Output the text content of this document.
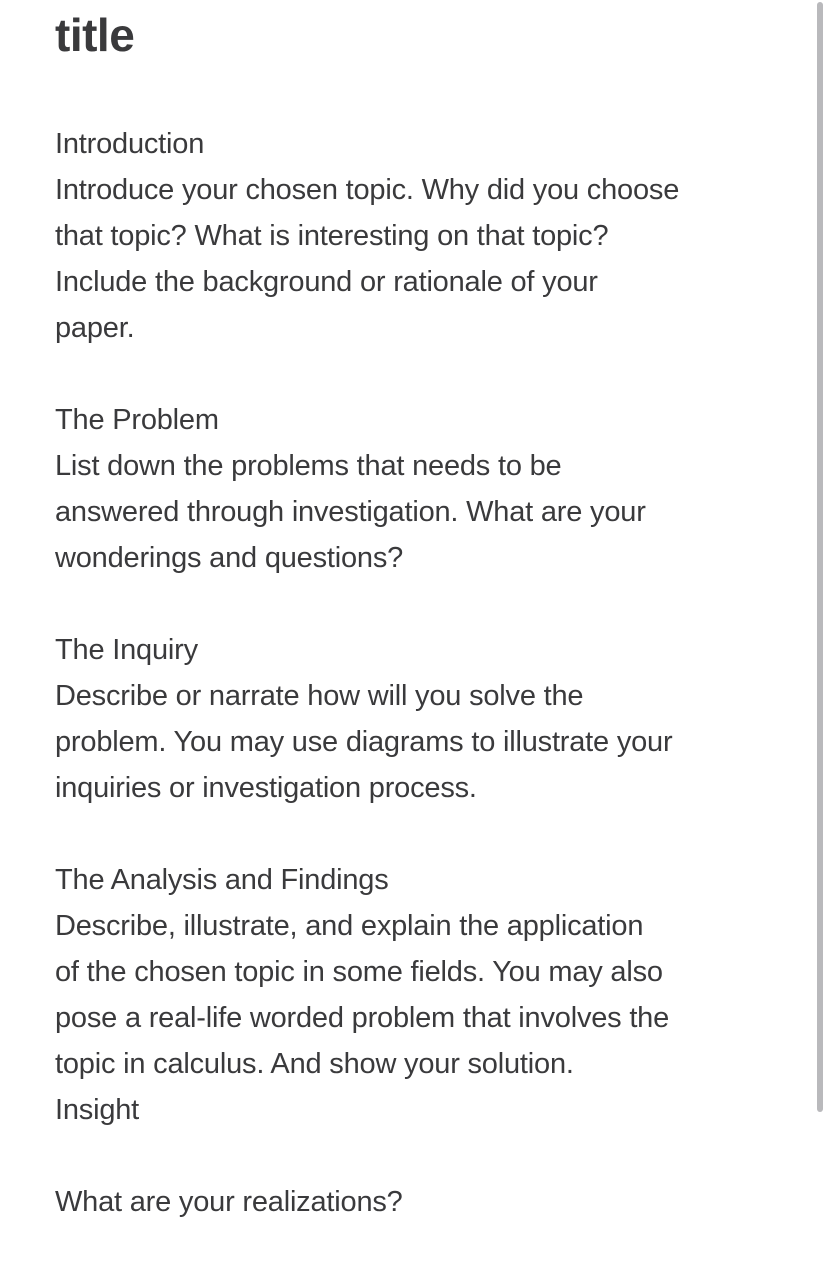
title
Introduction
Introduce your chosen topic. Why did you choose
that topic? What is interesting on that topic?
Include the background or rationale of your
paper.
The Problem
List down the problems that needs to be
answered through investigation. What are your
wonderings and questions?
The Inquiry
Describe or narrate how will you solve the
problem. You may use diagrams to illustrate your
inquiries or investigation process.
The Analysis and Findings
Describe, illustrate, and explain the application
of the chosen topic in some fields. You may also
pose a real-life worded problem that involves the
topic in calculus. And show your solution.
Insight
What are your realizations?
